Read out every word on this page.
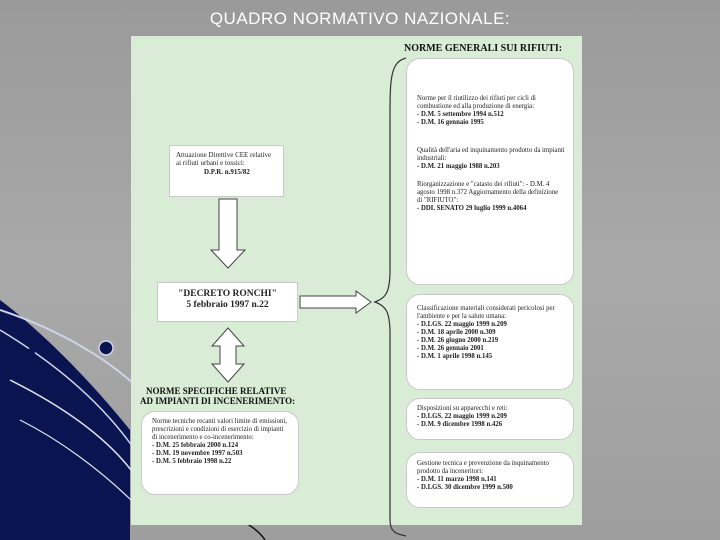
QUADRO NORMATIVO NAZIONALE:
NORME GENERALI SUI RIFIUTI:
Norme per il riutilizzo dei rifiuti per cicli di combustione ed alla produzione di energia:
- D.M. 5 settembre 1994 n.512
- D.M. 16 gennaio 1995
Qualità dell'aria ed inquinamento prodotto da impianti industriali:
- D.M. 21 maggio 1988 n.203
Riorganizzazione e "catasto dei rifiuti": - D.M. 4 agosto 1998 n.372 Aggiornamento della definizione di "RIFIUTO":
- DDL SENATO 29 luglio 1999 n.4064
Classificazione materiali considerati pericolosi per l'ambiente e per la salute umana:
- D.LGS. 22 maggio 1999 n.209
- D.M. 18 aprile 2000 n.309
- D.M. 26 giugno 2000 n.219
- D.M. 26 gennaio 2001
- D.M. 1 aprile 1998 n.145
Disposizioni su apparecchi e reti:
- D.LGS. 22 maggio 1999 n.209
- D.M. 9 dicembre 1998 n.426
Gestione tecnica e prevenzione da inquinamento prodotto da inceneritori:
- D.M. 11 marzo 1998 n.141
- D.LGS. 30 dicembre 1999 n.500
Attuazione Direttive CEE relative ai rifiuti urbani e tossici:
D.P.R. n.915/82
"DECRETO RONCHI"
5 febbraio 1997 n.22
NORME SPECIFICHE RELATIVE
AD IMPIANTI DI INCENERIMENTO:
Norme tecniche recanti valori limite di emissioni, prescrizioni e condizioni di esercizio di impianti di incenerimento e co-incenerimento:
- D.M. 25 febbraio 2000 n.124
- D.M. 19 novembre 1997 n.503
- D.M. 5 febbraio 1998 n.22
